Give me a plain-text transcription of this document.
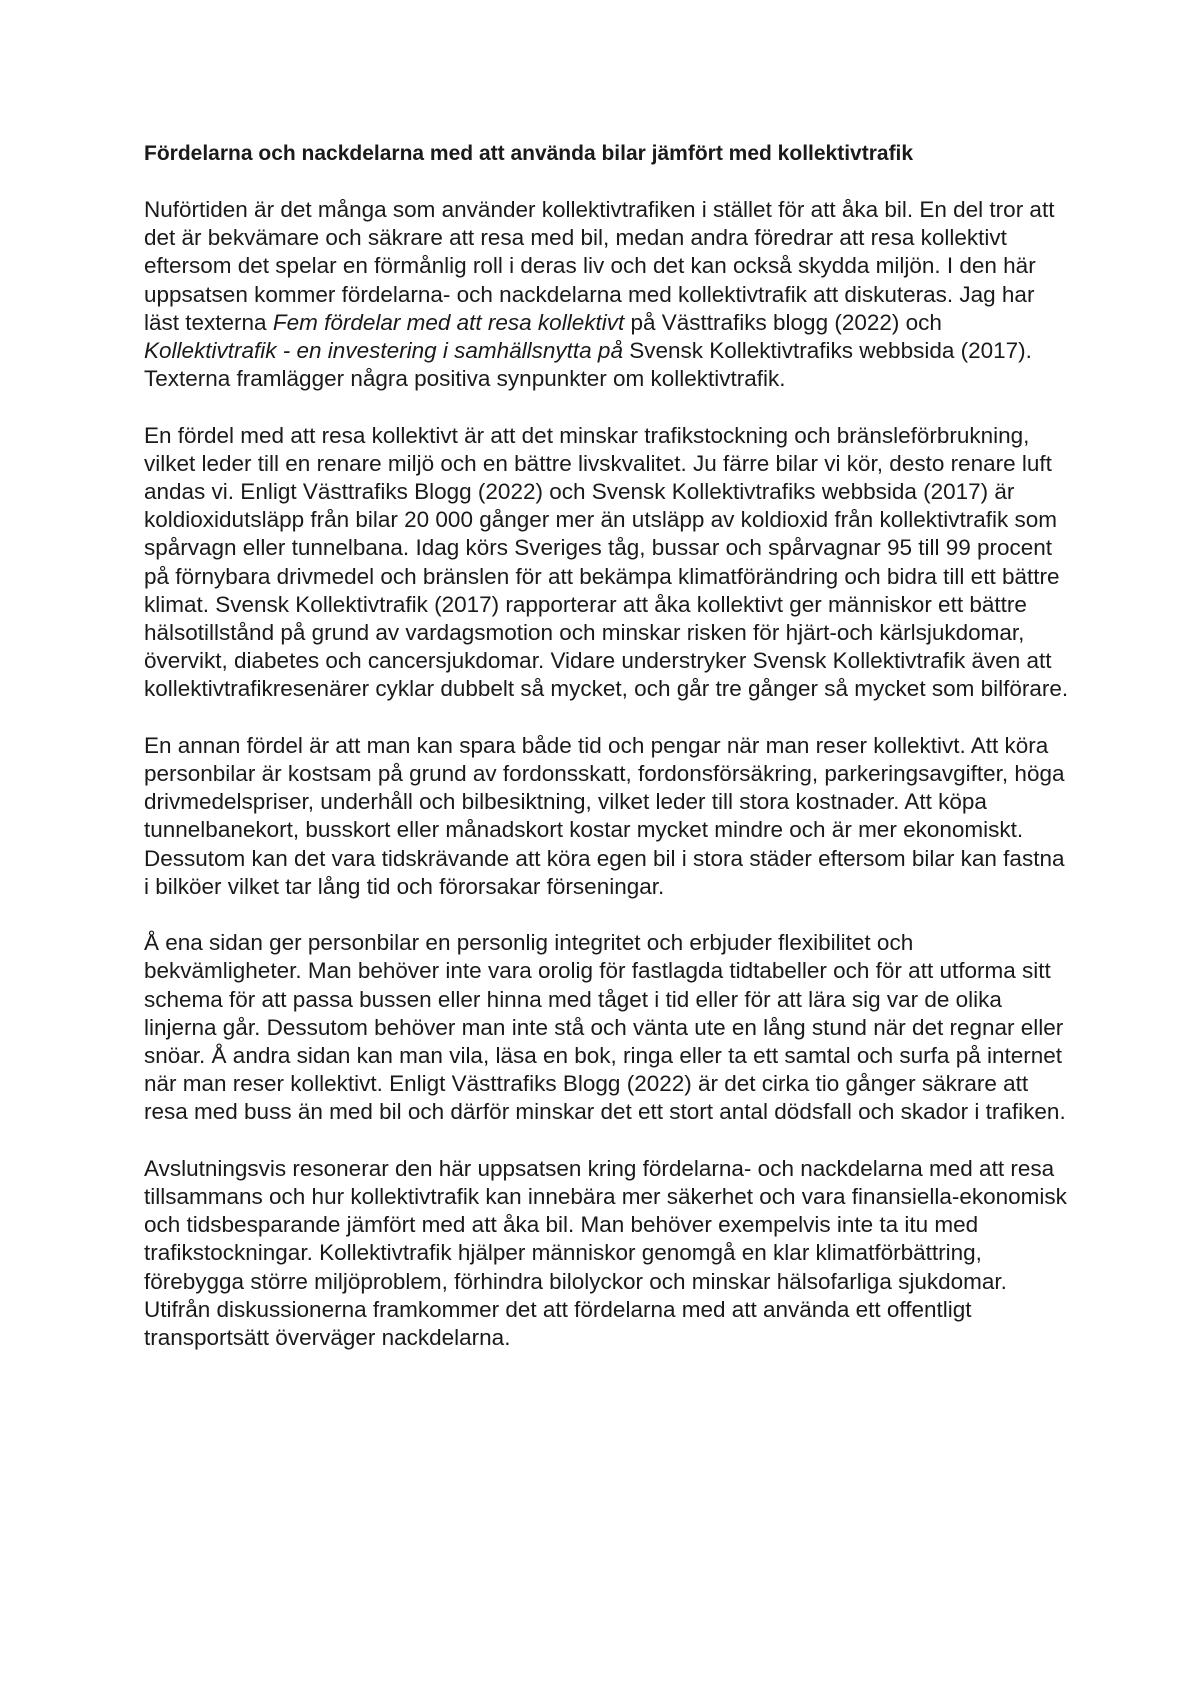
Fördelarna och nackdelarna med att använda bilar jämfört med kollektivtrafik

Nuförtiden är det många som använder kollektivtrafiken i stället för att åka bil. En del tror att det är bekvämare och säkrare att resa med bil, medan andra föredrar att resa kollektivt eftersom det spelar en förmånlig roll i deras liv och det kan också skydda miljön. I den här uppsatsen kommer fördelarna- och nackdelarna med kollektivtrafik att diskuteras. Jag har läst texterna Fem fördelar med att resa kollektivt på Västtrafiks blogg (2022) och Kollektivtrafik - en investering i samhällsnytta på Svensk Kollektivtrafiks webbsida (2017). Texterna framlägger några positiva synpunkter om kollektivtrafik.

En fördel med att resa kollektivt är att det minskar trafikstockning och bränsleförbrukning, vilket leder till en renare miljö och en bättre livskvalitet. Ju färre bilar vi kör, desto renare luft andas vi. Enligt Västtrafiks Blogg (2022) och Svensk Kollektivtrafiks webbsida (2017) är koldioxidutsläpp från bilar 20 000 gånger mer än utsläpp av koldioxid från kollektivtrafik som spårvagn eller tunnelbana. Idag körs Sveriges tåg, bussar och spårvagnar 95 till 99 procent på förnybara drivmedel och bränslen för att bekämpa klimatförändring och bidra till ett bättre klimat. Svensk Kollektivtrafik (2017) rapporterar att åka kollektivt ger människor ett bättre hälsotillstånd på grund av vardagsmotion och minskar risken för hjärt-och kärlsjukdomar, övervikt, diabetes och cancersjukdomar. Vidare understryker Svensk Kollektivtrafik även att kollektivtrafikresenärer cyklar dubbelt så mycket, och går tre gånger så mycket som bilförare.

En annan fördel är att man kan spara både tid och pengar när man reser kollektivt. Att köra personbilar är kostsam på grund av fordonsskatt, fordonsförsäkring, parkeringsavgifter, höga drivmedelspriser, underhåll och bilbesiktning, vilket leder till stora kostnader. Att köpa tunnelbanekort, busskort eller månadskort kostar mycket mindre och är mer ekonomiskt. Dessutom kan det vara tidskrävande att köra egen bil i stora städer eftersom bilar kan fastna i bilköer vilket tar lång tid och förorsakar förseningar.

Å ena sidan ger personbilar en personlig integritet och erbjuder flexibilitet och bekvämligheter. Man behöver inte vara orolig för fastlagda tidtabeller och för att utforma sitt schema för att passa bussen eller hinna med tåget i tid eller för att lära sig var de olika linjerna går. Dessutom behöver man inte stå och vänta ute en lång stund när det regnar eller snöar. Å andra sidan kan man vila, läsa en bok, ringa eller ta ett samtal och surfa på internet när man reser kollektivt. Enligt Västtrafiks Blogg (2022) är det cirka tio gånger säkrare att resa med buss än med bil och därför minskar det ett stort antal dödsfall och skador i trafiken.

Avslutningsvis resonerar den här uppsatsen kring fördelarna- och nackdelarna med att resa tillsammans och hur kollektivtrafik kan innebära mer säkerhet och vara finansiella-ekonomisk och tidsbesparande jämfört med att åka bil. Man behöver exempelvis inte ta itu med trafikstockningar. Kollektivtrafik hjälper människor genomgå en klar klimatförbättring, förebygga större miljöproblem, förhindra bilolyckor och minskar hälsofarliga sjukdomar. Utifrån diskussionerna framkommer det att fördelarna med att använda ett offentligt transportsätt överväger nackdelarna.
